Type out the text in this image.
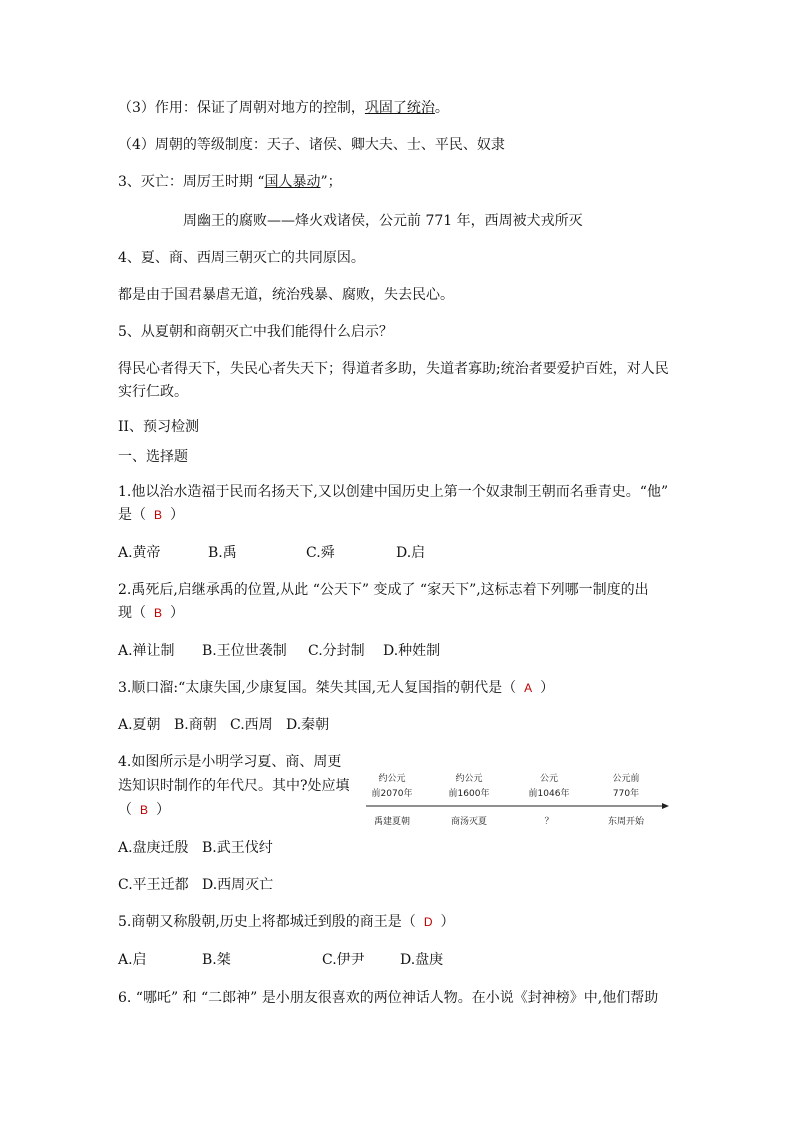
（3）作用：保证了周朝对地方的控制，巩固了统治。
（4）周朝的等级制度：天子、诸侯、卿大夫、士、平民、奴隶
3、灭亡：周厉王时期 “国人暴动”；
周幽王的腐败——烽火戏诸侯，公元前 771 年，西周被犬戎所灭
4、夏、商、西周三朝灭亡的共同原因。
都是由于国君暴虐无道，统治残暴、腐败，失去民心。
5、从夏朝和商朝灭亡中我们能得什么启示？
得民心者得天下，失民心者失天下；得道者多助，失道者寡助;统治者要爱护百姓，对人民
实行仁政。
II、预习检测
一、选择题
1.他以治水造福于民而名扬天下,又以创建中国历史上第一个奴隶制王朝而名垂青史。“他”
是（ B ）
A.黄帝	B.禹	C.舜	D.启
2.禹死后,启继承禹的位置,从此 “公天下” 变成了 “家天下”,这标志着下列哪一制度的出
现（ B ）
A.禅让制 B.王位世袭制 C.分封制 D.种姓制
3.顺口溜:“太康失国,少康复国。桀失其国,无人复国指的朝代是（ A ）
A.夏朝 B.商朝 C.西周 D.秦朝
4.如图所示是小明学习夏、商、周更
迭知识时制作的年代尺。其中?处应填
（ B ）
A.盘庚迁殷 B.武王伐纣
C.平王迁都 D.西周灭亡
约公元
前2070年
禹建夏朝
约公元
前1600年
商汤灭夏
公元
前1046年
？
公元前
770年
东周开始
5.商朝又称殷朝,历史上将都城迁到殷的商王是（ D ）
A.启	B.桀	C.伊尹	D.盘庚
6. “哪吒” 和 “二郎神” 是小朋友很喜欢的两位神话人物。在小说《封神榜》中,他们帮助
